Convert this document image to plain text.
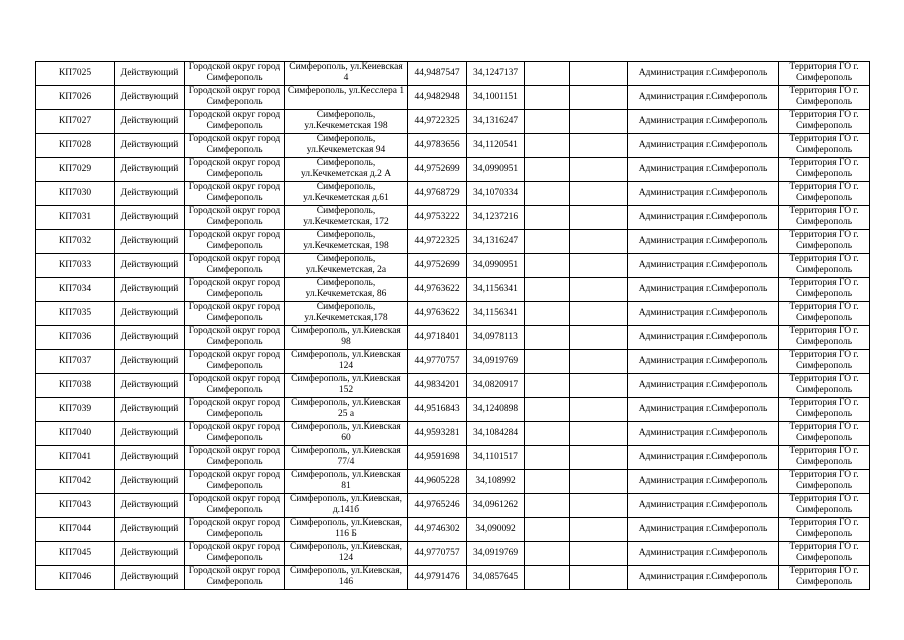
КП7025	Действующий	Городской округ город Симферополь	Симферополь, ул.Кеиевская 4	44,9487547	34,1247137			Администрация г.Симферополь	Территория ГО г. Симферополь
КП7026	Действующий	Городской округ город Симферополь	Симферополь, ул.Кесслера 1	44,9482948	34,1001151			Администрация г.Симферополь	Территория ГО г. Симферополь
КП7027	Действующий	Городской округ город Симферополь	Симферополь, ул.Кечкеметская 198	44,9722325	34,1316247			Администрация г.Симферополь	Территория ГО г. Симферополь
КП7028	Действующий	Городской округ город Симферополь	Симферополь, ул.Кечкеметская 94	44,9783656	34,1120541			Администрация г.Симферополь	Территория ГО г. Симферополь
КП7029	Действующий	Городской округ город Симферополь	Симферополь, ул.Кечкеметская д.2 А	44,9752699	34,0990951			Администрация г.Симферополь	Территория ГО г. Симферополь
КП7030	Действующий	Городской округ город Симферополь	Симферополь, ул.Кечкеметская д.61	44,9768729	34,1070334			Администрация г.Симферополь	Территория ГО г. Симферополь
КП7031	Действующий	Городской округ город Симферополь	Симферополь, ул.Кечкеметская, 172	44,9753222	34,1237216			Администрация г.Симферополь	Территория ГО г. Симферополь
КП7032	Действующий	Городской округ город Симферополь	Симферополь, ул.Кечкеметская, 198	44,9722325	34,1316247			Администрация г.Симферополь	Территория ГО г. Симферополь
КП7033	Действующий	Городской округ город Симферополь	Симферополь, ул.Кечкеметская, 2а	44,9752699	34,0990951			Администрация г.Симферополь	Территория ГО г. Симферополь
КП7034	Действующий	Городской округ город Симферополь	Симферополь, ул.Кечкеметская, 86	44,9763622	34,1156341			Администрация г.Симферополь	Территория ГО г. Симферополь
КП7035	Действующий	Городской округ город Симферополь	Симферополь, ул.Кечкеметская,178	44,9763622	34,1156341			Администрация г.Симферополь	Территория ГО г. Симферополь
КП7036	Действующий	Городской округ город Симферополь	Симферополь, ул.Киевская 98	44,9718401	34,0978113			Администрация г.Симферополь	Территория ГО г. Симферополь
КП7037	Действующий	Городской округ город Симферополь	Симферополь, ул.Киевская 124	44,9770757	34,0919769			Администрация г.Симферополь	Территория ГО г. Симферополь
КП7038	Действующий	Городской округ город Симферополь	Симферополь, ул.Киевская 152	44,9834201	34,0820917			Администрация г.Симферополь	Территория ГО г. Симферополь
КП7039	Действующий	Городской округ город Симферополь	Симферополь, ул.Киевская 25 а	44,9516843	34,1240898			Администрация г.Симферополь	Территория ГО г. Симферополь
КП7040	Действующий	Городской округ город Симферополь	Симферополь, ул.Киевская 60	44,9593281	34,1084284			Администрация г.Симферополь	Территория ГО г. Симферополь
КП7041	Действующий	Городской округ город Симферополь	Симферополь, ул.Киевская 77/4	44,9591698	34,1101517			Администрация г.Симферополь	Территория ГО г. Симферополь
КП7042	Действующий	Городской округ город Симферополь	Симферополь, ул.Киевская 81	44,9605228	34,108992			Администрация г.Симферополь	Территория ГО г. Симферополь
КП7043	Действующий	Городской округ город Симферополь	Симферополь, ул.Киевская, д.141б	44,9765246	34,0961262			Администрация г.Симферополь	Территория ГО г. Симферополь
КП7044	Действующий	Городской округ город Симферополь	Симферополь, ул.Киевская, 116 Б	44,9746302	34,090092			Администрация г.Симферополь	Территория ГО г. Симферополь
КП7045	Действующий	Городской округ город Симферополь	Симферополь, ул.Киевская, 124	44,9770757	34,0919769			Администрация г.Симферополь	Территория ГО г. Симферополь
КП7046	Действующий	Городской округ город Симферополь	Симферополь, ул.Киевская, 146	44,9791476	34,0857645			Администрация г.Симферополь	Территория ГО г. Симферополь
